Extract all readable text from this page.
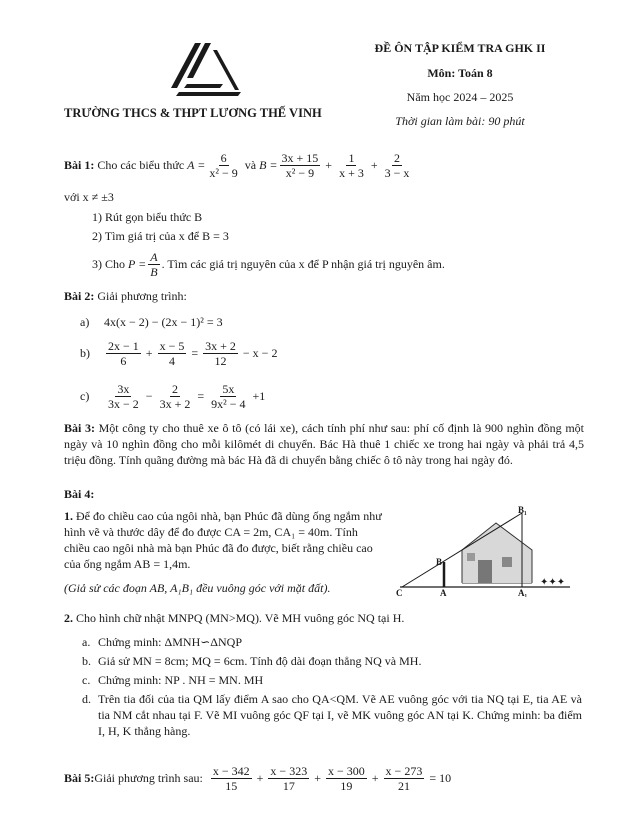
TRƯỜNG THCS & THPT LƯƠNG THẾ VINH
ĐỀ ÔN TẬP KIỂM TRA GHK II
Môn: Toán 8
Năm học 2024 – 2025
Thời gian làm bài: 90 phút
Bài 1:
Cho các biểu thức
$A = \frac{6}{\text{x² − 9}}$ và $B = \frac{3x + 15}{\text{x² − 9}} + \frac{1}{x + 3} + \frac{2}{3 - x}$
với x ≠ ±3
1) Rút gọn biểu thức B
2) Tìm giá trị của x để B = 3
3) Cho
$P = \frac{A}{B}$ . Tìm các giá trị nguyên của x để P nhận giá trị nguyên âm.
Bài 2: Giải phương trình:
a)	4x(x − 2) − (2x − 1)² = 3
b)	$\frac{2x - 1}{6} + \frac{x - 5}{4} = \frac{3x + 2}{12} - x - 2$
c)	$\frac{3x}{3x - 2} - \frac{2}{3x + 2} = \frac{5x}{\text{9x² − 4}} +1$
Bài 3: Một công ty cho thuê xe ô tô (có lái xe), cách tính phí như sau: phí cố định là 900 nghìn đồng một ngày và 10 nghìn đồng cho mỗi kilômét di chuyển. Bác Hà thuê 1 chiếc xe trong hai ngày và phải trả 4,5 triệu đồng. Tính quãng đường mà bác Hà đã di chuyển bằng chiếc ô tô này trong hai ngày đó.
Bài 4:
1. Để đo chiều cao của ngôi nhà, bạn Phúc đã dùng ống ngắm như hình vẽ và thước dây để đo được CA = 2m, CA₁ = 40m. Tính chiều cao ngôi nhà mà bạn Phúc đã đo được, biết rằng chiều cao của ống ngắm AB = 1,4m.
(Giả sử các đoạn AB, A₁B₁ đều vuông góc với mặt đất).
B₁
B
C	A	A₁
✦✦✦
2. Cho hình chữ nhật MNPQ (MN>MQ). Vẽ MH vuông góc NQ tại H.
a. Chứng minh: ΔMNH∽ΔNQP
b. Giả sử MN = 8cm; MQ = 6cm. Tính độ dài đoạn thẳng NQ và MH.
c. Chứng minh: NP . NH = MN. MH
d. Trên tia đối của tia QM lấy điểm A sao cho QA<QM. Vẽ AE vuông góc với tia NQ tại E, tia AE và tia NM cắt nhau tại F. Vẽ MI vuông góc QF tại I, vẽ MK vuông góc AN tại K. Chứng minh: ba điểm I, H, K thẳng hàng.
Bài 5: Giải phương trình sau:
$\frac{x - 342}{15} + \frac{x - 323}{17} + \frac{x - 300}{19} + \frac{x - 273}{21} = 10$
